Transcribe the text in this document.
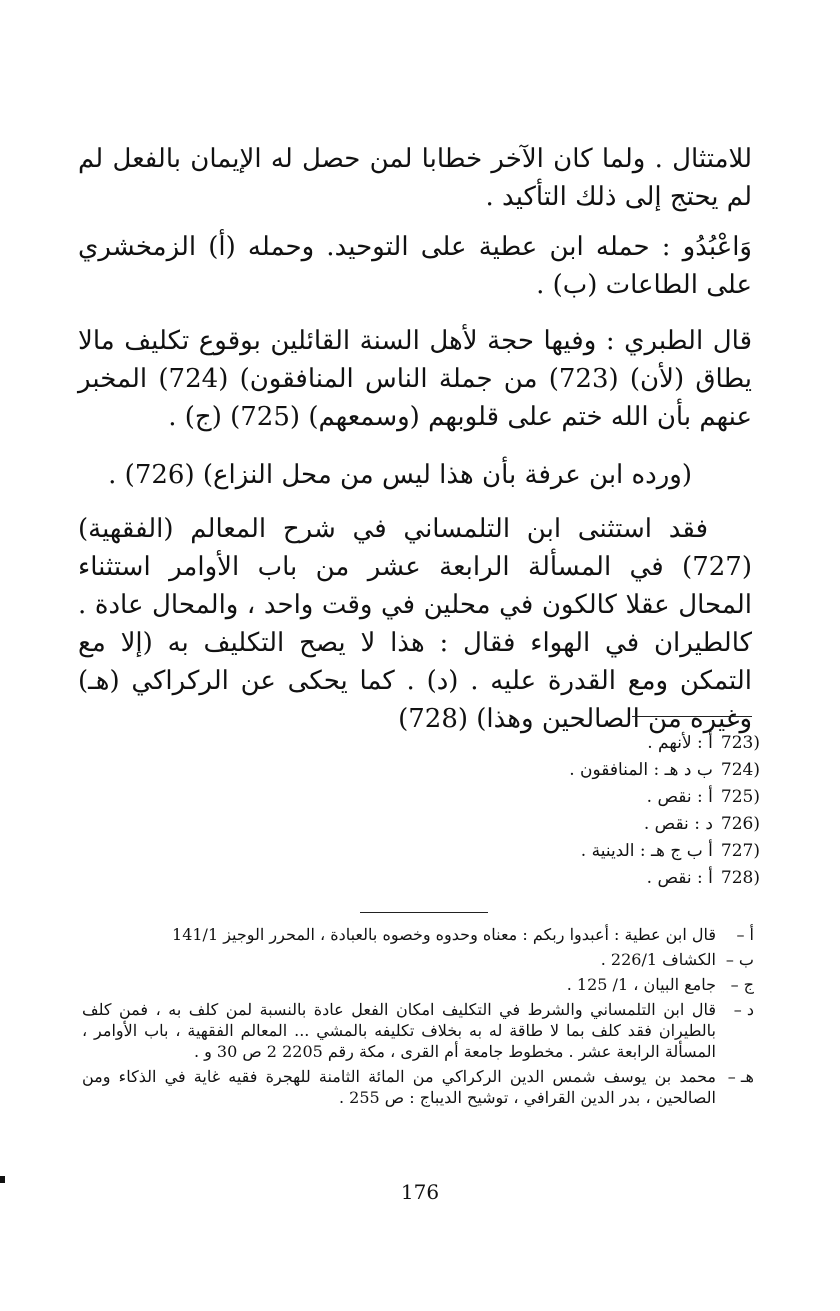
للامتثال . ولما كان الآخر خطابا لمن حصل له الإيمان بالفعل لم لم يحتج إلى ذلك التأكيد .

وَاعْبُدُو : حمله ابن عطية على التوحيد. وحمله (أ) الزمخشري على الطاعات (ب) .

قال الطبري : وفيها حجة لأهل السنة القائلين بوقوع تكليف مالا يطاق (لأن) (723) من جملة الناس المنافقون) (724) المخبر عنهم بأن الله ختم على قلوبهم (وسمعهم) (725) (ج) .

(ورده ابن عرفة بأن هذا ليس من محل النزاع) (726) .

فقد استثنى ابن التلمساني في شرح المعالم (الفقهية) (727) في المسألة الرابعة عشر من باب الأوامر استثناء المحال عقلا كالكون في محلين في وقت واحد ، والمحال عادة . كالطيران في الهواء فقال : هذا لا يصح التكليف به (إلا مع التمكن ومع القدرة عليه . (د) . كما يحكى عن الركراكي (هـ) وغيره من الصالحين وهذا) (728)

723)
أ : لأنهم .
724)
ب د هـ : المنافقون .
725)
أ : نقص .
726)
د : نقص .
727)
أ ب ج هـ : الدينية .
728)
أ : نقص .
أ –
قال ابن عطية : أعبدوا ربكم : معناه وحدوه وخصوه بالعبادة ، المحرر الوجيز 141/1
ب –
الكشاف 226/1 .
ج –
جامع البيان ، 1/ 125 .
د –
قال ابن التلمساني والشرط في التكليف امكان الفعل عادة بالنسبة لمن كلف به ، فمن كلف بالطيران فقد كلف بما لا طاقة له به بخلاف تكليفه بالمشي ... المعالم الفقهية ، باب الأوامر ، المسألة الرابعة عشر . مخطوط جامعة أم القرى ، مكة رقم 2205 2 ص 30 و .
هـ –
محمد بن يوسف شمس الدين الركراكي من المائة الثامنة للهجرة فقيه غاية في الذكاء ومن الصالحين ، بدر الدين القرافي ، توشيح الديباج : ص 255 .
176
